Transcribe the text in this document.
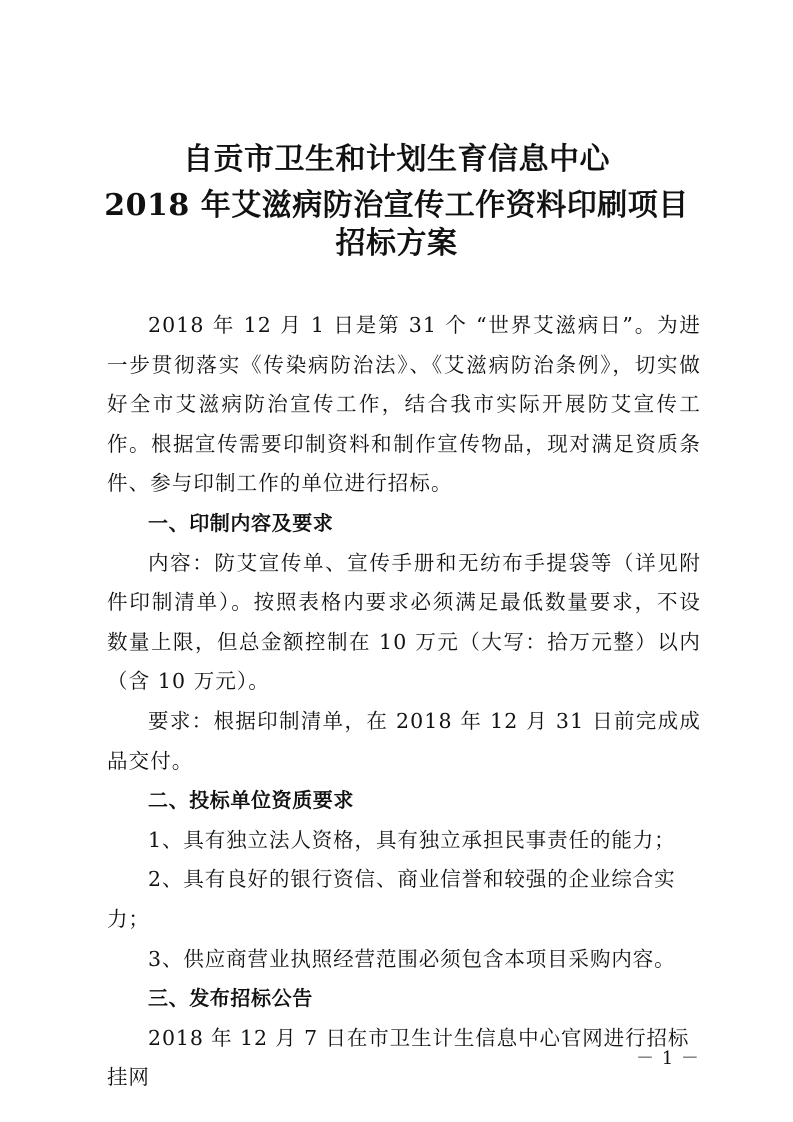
自贡市卫生和计划生育信息中心
2018 年艾滋病防治宣传工作资料印刷项目
招标方案

2018 年 12 月 1 日是第 31 个 “世界艾滋病日”。为进一步贯彻落实《传染病防治法》、《艾滋病防治条例》，切实做好全市艾滋病防治宣传工作，结合我市实际开展防艾宣传工作。根据宣传需要印制资料和制作宣传物品，现对满足资质条件、参与印制工作的单位进行招标。

一、印制内容及要求

内容：防艾宣传单、宣传手册和无纺布手提袋等（详见附件印制清单）。按照表格内要求必须满足最低数量要求，不设数量上限，但总金额控制在 10 万元（大写：拾万元整）以内（含 10 万元）。

要求：根据印制清单，在 2018 年 12 月 31 日前完成成品交付。

二、投标单位资质要求

1、具有独立法人资格，具有独立承担民事责任的能力；

2、具有良好的银行资信、商业信誉和较强的企业综合实力；

3、供应商营业执照经营范围必须包含本项目采购内容。

三、发布招标公告

2018 年 12 月 7 日在市卫生计生信息中心官网进行招标挂网

－ 1 －
